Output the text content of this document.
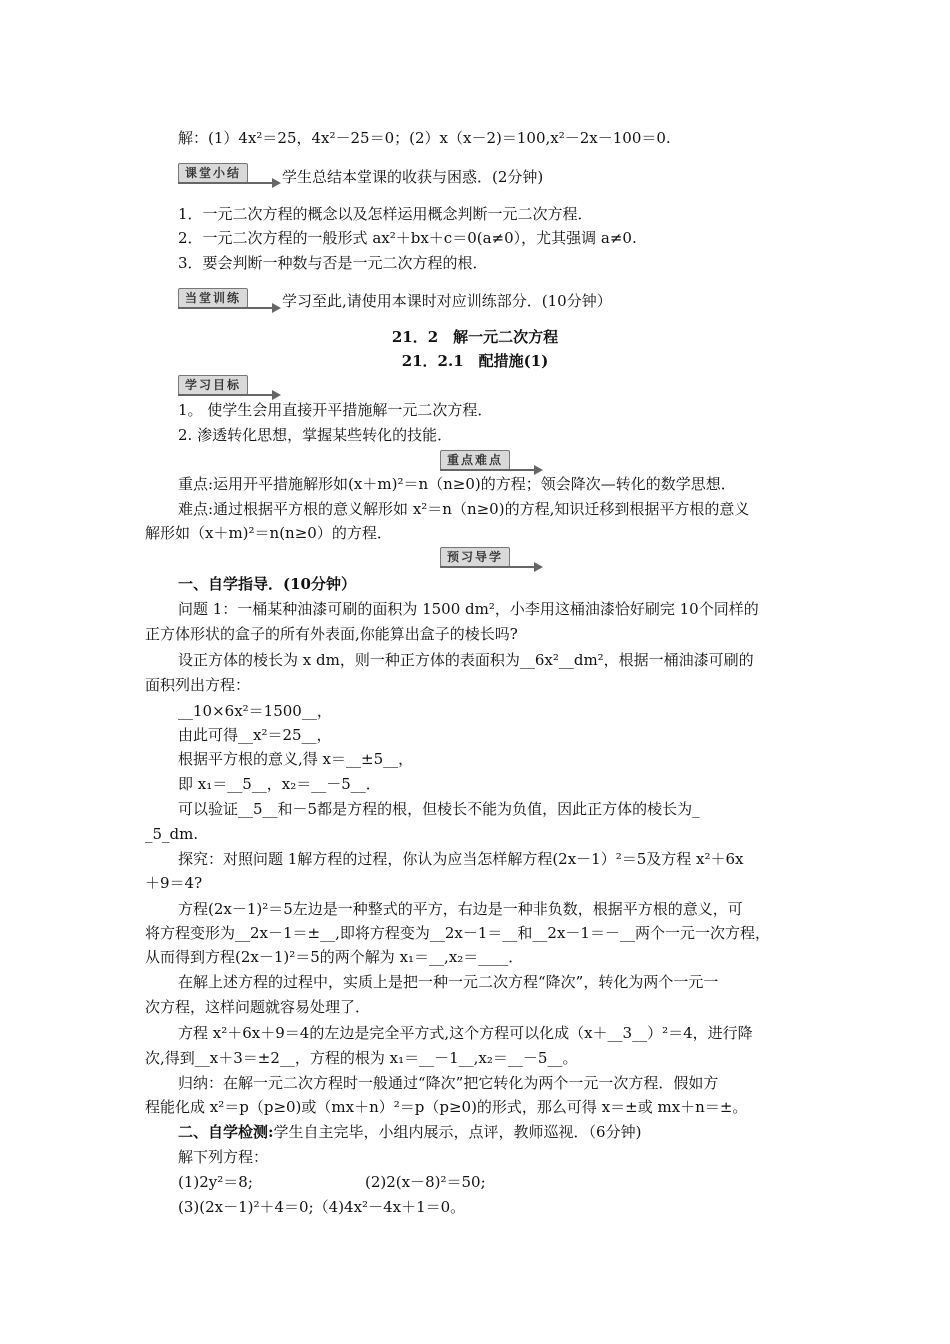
解：(1）4x²＝25，4x²－25＝0；(2）x（x－2)＝100,x²－2x－100＝0.
课堂小结	学生总结本堂课的收获与困惑．(2分钟)
1．一元二次方程的概念以及怎样运用概念判断一元二次方程．
2．一元二次方程的一般形式 ax²＋bx＋c＝0(a≠0），尤其强调 a≠0.
3．要会判断一种数与否是一元二次方程的根．
当堂训练	学习至此,请使用本课时对应训练部分．(10分钟）
21．2　解一元二次方程
21．2.1　配措施(1)
学习目标
1。 使学生会用直接开平措施解一元二次方程．
2. 渗透转化思想，掌握某些转化的技能．
重点难点
重点:运用开平措施解形如(x＋m)²＝n（n≥0)的方程；领会降次—转化的数学思想．
难点:通过根据平方根的意义解形如 x²＝n（n≥0)的方程,知识迁移到根据平方根的意义
解形如（x＋m)²＝n(n≥0）的方程．
预习导学
一、自学指导．(10分钟）
问题 1：一桶某种油漆可刷的面积为 1500 dm²，小李用这桶油漆恰好刷完 10个同样的
正方体形状的盒子的所有外表面,你能算出盒子的棱长吗?
设正方体的棱长为 x dm，则一种正方体的表面积为__6x²__dm²，根据一桶油漆可刷的
面积列出方程：
__10×6x²＝1500__，
由此可得__x²＝25__，
根据平方根的意义,得 x＝__±5__，
即 x₁＝__5__，x₂＝__－5__．
可以验证__5__和－5都是方程的根，但棱长不能为负值，因此正方体的棱长为_
_5_dm.
探究：对照问题 1解方程的过程，你认为应当怎样解方程(2x－1）²＝5及方程 x²＋6x
＋9＝4?
方程(2x－1)²＝5左边是一种整式的平方，右边是一种非负数，根据平方根的意义，可
将方程变形为__2x－1＝±__,即将方程变为__2x－1＝__和__2x－1＝－__两个一元一次方程，
从而得到方程(2x－1)²＝5的两个解为 x₁＝__,x₂＝____．
在解上述方程的过程中，实质上是把一种一元二次方程“降次”，转化为两个一元一
次方程，这样问题就容易处理了．
方程 x²＋6x＋9＝4的左边是完全平方式,这个方程可以化成（x＋__3__）²＝4，进行降
次,得到__x＋3＝±2__，方程的根为 x₁＝__－1__,x₂＝__－5__。
归纳：在解一元二次方程时一般通过“降次”把它转化为两个一元一次方程．假如方
程能化成 x²＝p（p≥0)或（mx＋n）²＝p（p≥0)的形式，那么可得 x＝±或 mx＋n＝±。
二、自学检测:学生自主完毕，小组内展示，点评，教师巡视．（6分钟)
解下列方程：
(1)2y²＝8;	(2)2(x－8)²＝50;
(3)(2x－1)²＋4＝0;（4)4x²－4x＋1＝0。
